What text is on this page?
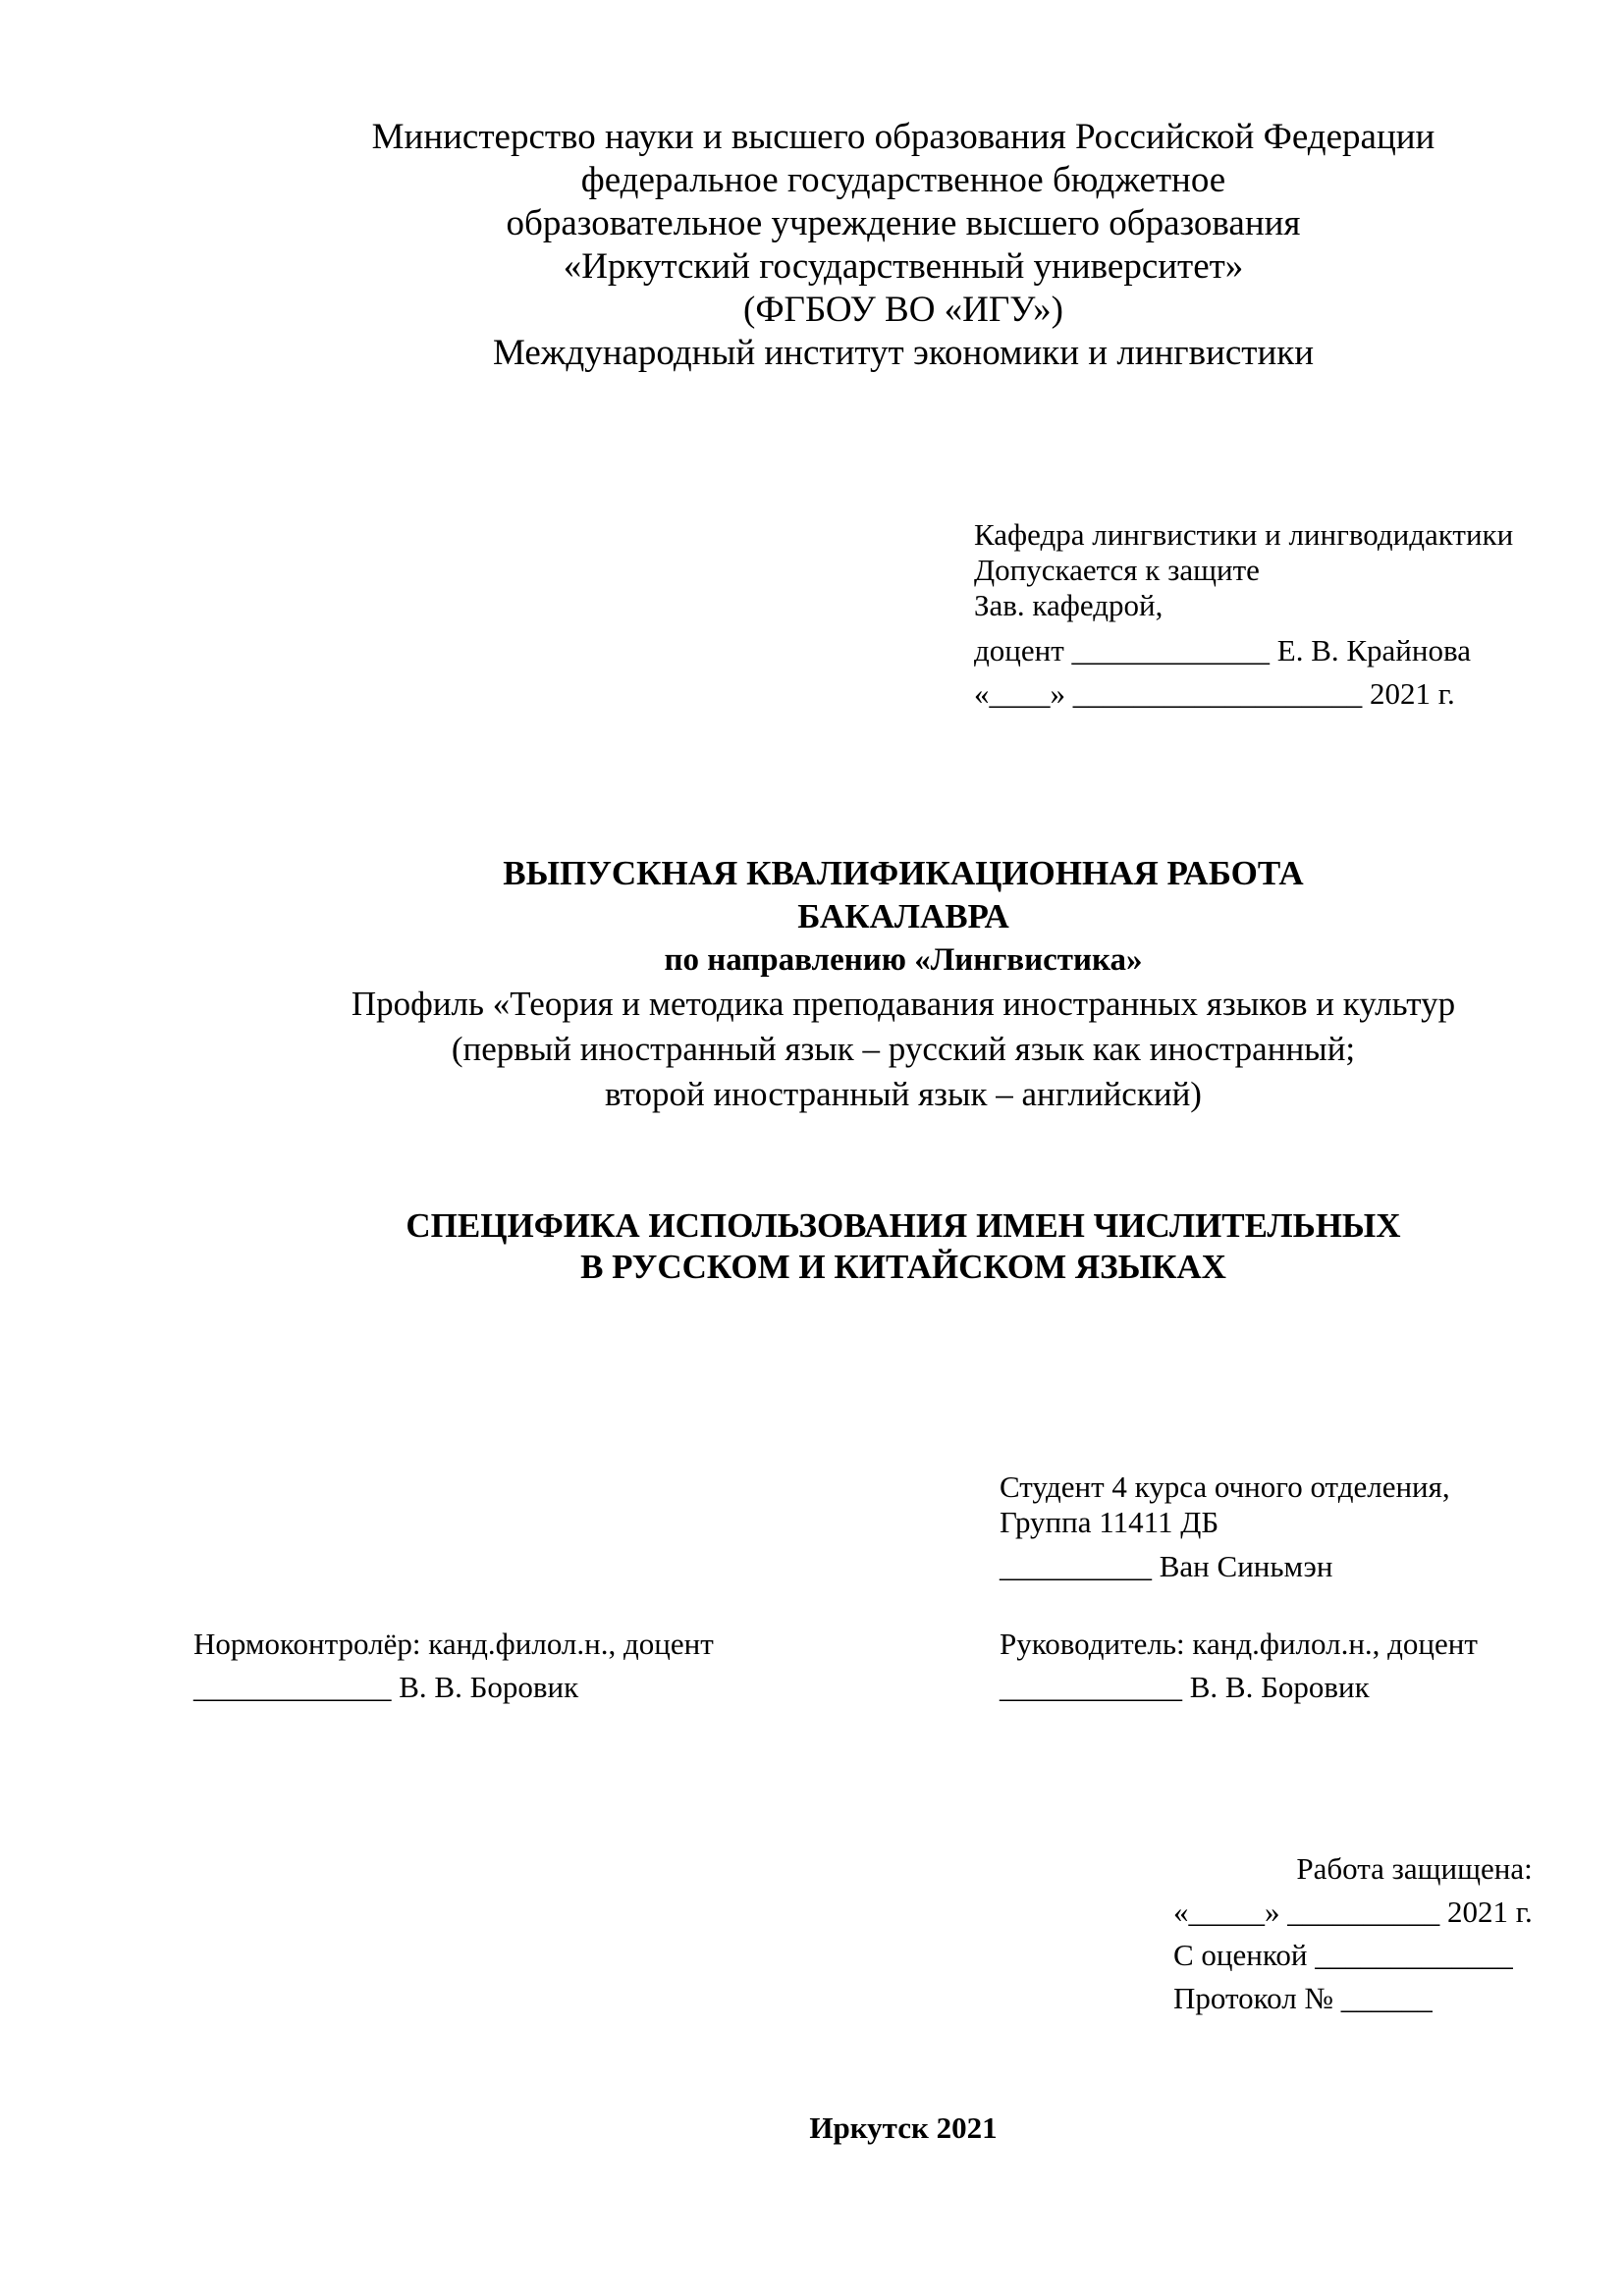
Министерство науки и высшего образования Российской Федерации
федеральное государственное бюджетное
образовательное учреждение высшего образования
«Иркутский государственный университет»
(ФГБОУ ВО «ИГУ»)
Международный институт экономики и лингвистики
Кафедра лингвистики и лингводидактики
Допускается к защите
Зав. кафедрой,
доцент _____________ Е. В. Крайнова
«____» ___________________ 2021 г.
ВЫПУСКНАЯ КВАЛИФИКАЦИОННАЯ РАБОТА
БАКАЛАВРА
по направлению «Лингвистика»
Профиль «Теория и методика преподавания иностранных языков и культур
(первый иностранный язык – русский язык как иностранный;
второй иностранный язык – английский)
СПЕЦИФИКА ИСПОЛЬЗОВАНИЯ ИМЕН ЧИСЛИТЕЛЬНЫХ
В РУССКОМ И КИТАЙСКОМ ЯЗЫКАХ
Студент 4 курса очного отделения,
Группа 11411 ДБ
__________ Ван Синьмэн
Нормоконтролёр: канд.филол.н., доцент
_____________ В. В. Боровик
Руководитель: канд.филол.н., доцент
____________ В. В. Боровик
Работа защищена:
«_____» __________ 2021 г.
С оценкой _____________
Протокол № ______
Иркутск 2021
